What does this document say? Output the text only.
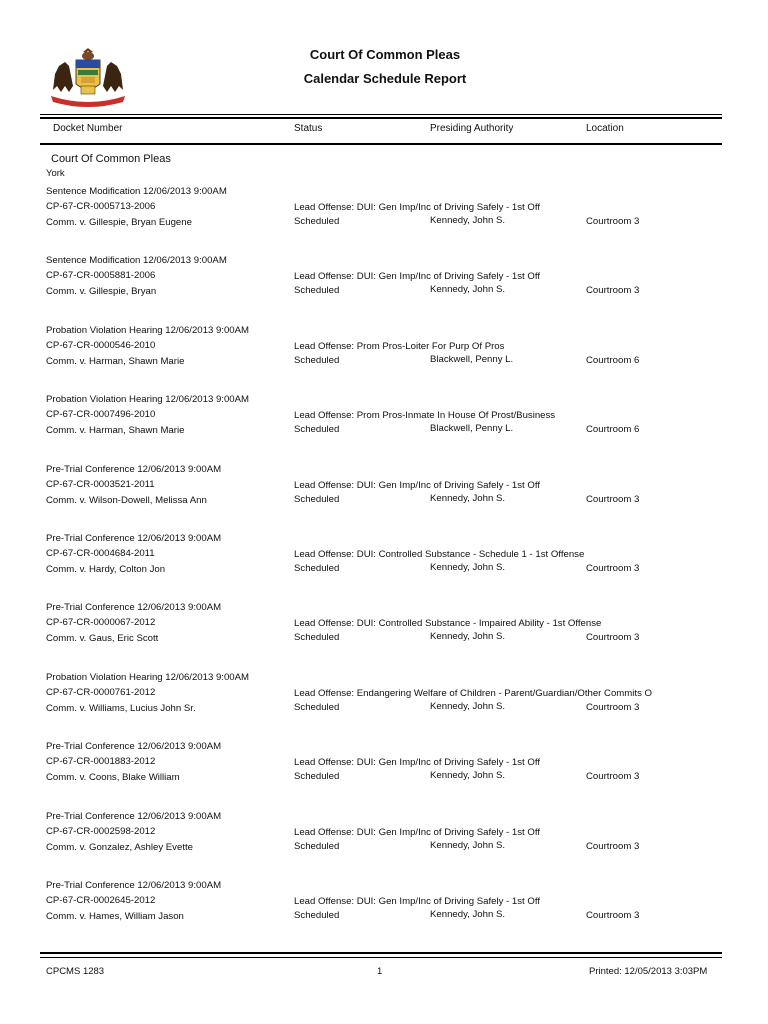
Court Of Common Pleas
Calendar Schedule Report
Docket Number	Status	Presiding Authority	Location
Court Of Common Pleas
York
Sentence Modification 12/06/2013 9:00AM
CP-67-CR-0005713-2006
Comm. v. Gillespie, Bryan Eugene
Lead Offense: DUI: Gen Imp/Inc of Driving Safely - 1st Off
Scheduled	Kennedy, John S.	Courtroom 3
Sentence Modification 12/06/2013 9:00AM
CP-67-CR-0005881-2006
Comm. v. Gillespie, Bryan
Lead Offense: DUI: Gen Imp/Inc of Driving Safely - 1st Off
Scheduled	Kennedy, John S.	Courtroom 3
Probation Violation Hearing 12/06/2013 9:00AM
CP-67-CR-0000546-2010
Comm. v. Harman, Shawn Marie
Lead Offense: Prom Pros-Loiter For Purp Of Pros
Scheduled	Blackwell, Penny L.	Courtroom 6
Probation Violation Hearing 12/06/2013 9:00AM
CP-67-CR-0007496-2010
Comm. v. Harman, Shawn Marie
Lead Offense: Prom Pros-Inmate In House Of Prost/Business
Scheduled	Blackwell, Penny L.	Courtroom 6
Pre-Trial Conference 12/06/2013 9:00AM
CP-67-CR-0003521-2011
Comm. v. Wilson-Dowell, Melissa Ann
Lead Offense: DUI: Gen Imp/Inc of Driving Safely - 1st Off
Scheduled	Kennedy, John S.	Courtroom 3
Pre-Trial Conference 12/06/2013 9:00AM
CP-67-CR-0004684-2011
Comm. v. Hardy, Colton Jon
Lead Offense: DUI: Controlled Substance - Schedule 1 - 1st Offense
Scheduled	Kennedy, John S.	Courtroom 3
Pre-Trial Conference 12/06/2013 9:00AM
CP-67-CR-0000067-2012
Comm. v. Gaus, Eric Scott
Lead Offense: DUI: Controlled Substance - Impaired Ability - 1st Offense
Scheduled	Kennedy, John S.	Courtroom 3
Probation Violation Hearing 12/06/2013 9:00AM
CP-67-CR-0000761-2012
Comm. v. Williams, Lucius John Sr.
Lead Offense: Endangering Welfare of Children - Parent/Guardian/Other Commits O
Scheduled	Kennedy, John S.	Courtroom 3
Pre-Trial Conference 12/06/2013 9:00AM
CP-67-CR-0001883-2012
Comm. v. Coons, Blake William
Lead Offense: DUI: Gen Imp/Inc of Driving Safely - 1st Off
Scheduled	Kennedy, John S.	Courtroom 3
Pre-Trial Conference 12/06/2013 9:00AM
CP-67-CR-0002598-2012
Comm. v. Gonzalez, Ashley Evette
Lead Offense: DUI: Gen Imp/Inc of Driving Safely - 1st Off
Scheduled	Kennedy, John S.	Courtroom 3
Pre-Trial Conference 12/06/2013 9:00AM
CP-67-CR-0002645-2012
Comm. v. Hames, William Jason
Lead Offense: DUI: Gen Imp/Inc of Driving Safely - 1st Off
Scheduled	Kennedy, John S.	Courtroom 3
CPCMS 1283	1	Printed: 12/05/2013 3:03PM
